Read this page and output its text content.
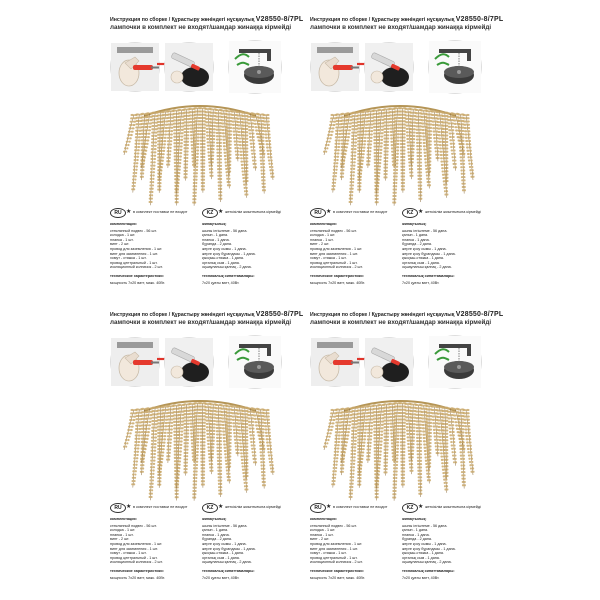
Инструкция по сборке / Құрастыру жөніндегі нұсқаулық V28550-8/7PL
лампочки в комплект не входят/шамдар жинаққа кірмейді
RU ★ в комплект поставки не входит	KZ ★ жеткізілім жиынтығына кірмейді
комплектация:
стеклянный подвес - 56 шт.
колодка - 1 шт.
планка - 1 шт.
винт - 2 шт.
провод для заземления - 1 шт.
винт для заземления - 1 шт.
хомут - стяжка - 1 шт.
провод центральный - 1 шт.
изоляционный колпачок - 2 шт.
технические характеристики:
мощность 7x20 ватт, макс. 40Вт.
жинақтылық:
шыны ілгіштеме - 56 дана.
қалып - 1 дана.
планка - 1 дана.
бұранда - 2 дана.
жерге қосу сымы - 1 дана.
жерге қосу бұрандасы - 1 дана.
қысқыш-стяжка - 1 дана.
орталық сым - 1 дана.
оқшаулағыш қалпақ - 2 дана.
техникалық сипаттамалары:
7x20 қуаты ватт, 40Вт.
Инструкция по сборке / Құрастыру жөніндегі нұсқаулық V28550-8/7PL
лампочки в комплект не входят/шамдар жинаққа кірмейді
RU ★ в комплект поставки не входит	KZ ★ жеткізілім жиынтығына кірмейді
комплектация:
стеклянный подвес - 56 шт.
колодка - 1 шт.
планка - 1 шт.
винт - 2 шт.
провод для заземления - 1 шт.
винт для заземления - 1 шт.
хомут - стяжка - 1 шт.
провод центральный - 1 шт.
изоляционный колпачок - 2 шт.
технические характеристики:
мощность 7x20 ватт, макс. 40Вт.
жинақтылық:
шыны ілгіштеме - 56 дана.
қалып - 1 дана.
планка - 1 дана.
бұранда - 2 дана.
жерге қосу сымы - 1 дана.
жерге қосу бұрандасы - 1 дана.
қысқыш-стяжка - 1 дана.
орталық сым - 1 дана.
оқшаулағыш қалпақ - 2 дана.
техникалық сипаттамалары:
7x20 қуаты ватт, 40Вт.
Инструкция по сборке / Құрастыру жөніндегі нұсқаулық V28550-8/7PL
лампочки в комплект не входят/шамдар жинаққа кірмейді
RU ★ в комплект поставки не входит	KZ ★ жеткізілім жиынтығына кірмейді
комплектация:
стеклянный подвес - 56 шт.
колодка - 1 шт.
планка - 1 шт.
винт - 2 шт.
провод для заземления - 1 шт.
винт для заземления - 1 шт.
хомут - стяжка - 1 шт.
провод центральный - 1 шт.
изоляционный колпачок - 2 шт.
технические характеристики:
мощность 7x20 ватт, макс. 40Вт.
жинақтылық:
шыны ілгіштеме - 56 дана.
қалып - 1 дана.
планка - 1 дана.
бұранда - 2 дана.
жерге қосу сымы - 1 дана.
жерге қосу бұрандасы - 1 дана.
қысқыш-стяжка - 1 дана.
орталық сым - 1 дана.
оқшаулағыш қалпақ - 2 дана.
техникалық сипаттамалары:
7x20 қуаты ватт, 40Вт.
Инструкция по сборке / Құрастыру жөніндегі нұсқаулық V28550-8/7PL
лампочки в комплект не входят/шамдар жинаққа кірмейді
RU ★ в комплект поставки не входит	KZ ★ жеткізілім жиынтығына кірмейді
комплектация:
стеклянный подвес - 56 шт.
колодка - 1 шт.
планка - 1 шт.
винт - 2 шт.
провод для заземления - 1 шт.
винт для заземления - 1 шт.
хомут - стяжка - 1 шт.
провод центральный - 1 шт.
изоляционный колпачок - 2 шт.
технические характеристики:
мощность 7x20 ватт, макс. 40Вт.
жинақтылық:
шыны ілгіштеме - 56 дана.
қалып - 1 дана.
планка - 1 дана.
бұранда - 2 дана.
жерге қосу сымы - 1 дана.
жерге қосу бұрандасы - 1 дана.
қысқыш-стяжка - 1 дана.
орталық сым - 1 дана.
оқшаулағыш қалпақ - 2 дана.
техникалық сипаттамалары:
7x20 қуаты ватт, 40Вт.
